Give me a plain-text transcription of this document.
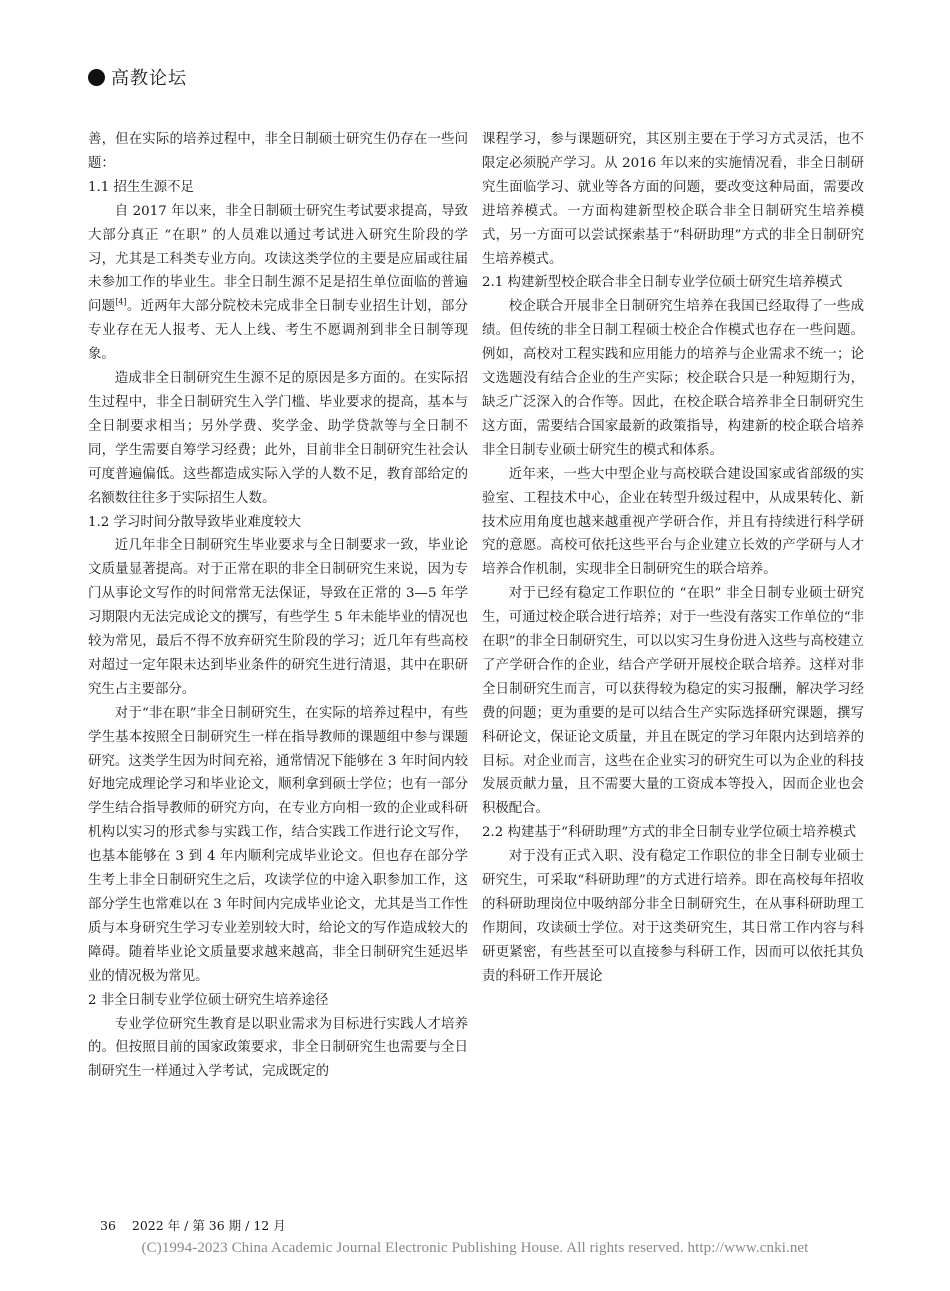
高教论坛

善，但在实际的培养过程中，非全日制硕士研究生仍存在一些问题：

1.1 招生生源不足

自 2017 年以来，非全日制硕士研究生考试要求提高，导致大部分真正 “在职” 的人员难以通过考试进入研究生阶段的学习，尤其是工科类专业方向。攻读这类学位的主要是应届或往届未参加工作的毕业生。非全日制生源不足是招生单位面临的普遍问题[4]。近两年大部分院校未完成非全日制专业招生计划，部分专业存在无人报考、无人上线、考生不愿调剂到非全日制等现象。

造成非全日制研究生生源不足的原因是多方面的。在实际招生过程中，非全日制研究生入学门槛、毕业要求的提高，基本与全日制要求相当；另外学费、奖学金、助学贷款等与全日制不同，学生需要自筹学习经费；此外，目前非全日制研究生社会认可度普遍偏低。这些都造成实际入学的人数不足，教育部给定的名额数往往多于实际招生人数。

1.2 学习时间分散导致毕业难度较大

近几年非全日制研究生毕业要求与全日制要求一致，毕业论文质量显著提高。对于正常在职的非全日制研究生来说，因为专门从事论文写作的时间常常无法保证，导致在正常的 3—5 年学习期限内无法完成论文的撰写，有些学生 5 年未能毕业的情况也较为常见，最后不得不放弃研究生阶段的学习；近几年有些高校对超过一定年限未达到毕业条件的研究生进行清退，其中在职研究生占主要部分。

对于“非在职”非全日制研究生，在实际的培养过程中，有些学生基本按照全日制研究生一样在指导教师的课题组中参与课题研究。这类学生因为时间充裕，通常情况下能够在 3 年时间内较好地完成理论学习和毕业论文，顺利拿到硕士学位；也有一部分学生结合指导教师的研究方向，在专业方向相一致的企业或科研机构以实习的形式参与实践工作，结合实践工作进行论文写作，也基本能够在 3 到 4 年内顺利完成毕业论文。但也存在部分学生考上非全日制研究生之后，攻读学位的中途入职参加工作，这部分学生也常难以在 3 年时间内完成毕业论文，尤其是当工作性质与本身研究生学习专业差别较大时，给论文的写作造成较大的障碍。随着毕业论文质量要求越来越高，非全日制研究生延迟毕业的情况极为常见。

2 非全日制专业学位硕士研究生培养途径

专业学位研究生教育是以职业需求为目标进行实践人才培养的。但按照目前的国家政策要求，非全日制研究生也需要与全日制研究生一样通过入学考试，完成既定的

课程学习，参与课题研究，其区别主要在于学习方式灵活，也不限定必须脱产学习。从 2016 年以来的实施情况看，非全日制研究生面临学习、就业等各方面的问题，要改变这种局面，需要改进培养模式。一方面构建新型校企联合非全日制研究生培养模式，另一方面可以尝试探索基于“科研助理”方式的非全日制研究生培养模式。

2.1 构建新型校企联合非全日制专业学位硕士研究生培养模式

校企联合开展非全日制研究生培养在我国已经取得了一些成绩。但传统的非全日制工程硕士校企合作模式也存在一些问题。例如，高校对工程实践和应用能力的培养与企业需求不统一；论文选题没有结合企业的生产实际；校企联合只是一种短期行为，缺乏广泛深入的合作等。因此，在校企联合培养非全日制研究生这方面，需要结合国家最新的政策指导，构建新的校企联合培养非全日制专业硕士研究生的模式和体系。

近年来，一些大中型企业与高校联合建设国家或省部级的实验室、工程技术中心，企业在转型升级过程中，从成果转化、新技术应用角度也越来越重视产学研合作，并且有持续进行科学研究的意愿。高校可依托这些平台与企业建立长效的产学研与人才培养合作机制，实现非全日制研究生的联合培养。

对于已经有稳定工作职位的 “在职” 非全日制专业硕士研究生，可通过校企联合进行培养；对于一些没有落实工作单位的“非在职”的非全日制研究生，可以以实习生身份进入这些与高校建立了产学研合作的企业，结合产学研开展校企联合培养。这样对非全日制研究生而言，可以获得较为稳定的实习报酬，解决学习经费的问题；更为重要的是可以结合生产实际选择研究课题，撰写科研论文，保证论文质量，并且在既定的学习年限内达到培养的目标。对企业而言，这些在企业实习的研究生可以为企业的科技发展贡献力量，且不需要大量的工资成本等投入，因而企业也会积极配合。

2.2 构建基于“科研助理”方式的非全日制专业学位硕士培养模式

对于没有正式入职、没有稳定工作职位的非全日制专业硕士研究生，可采取“科研助理”的方式进行培养。即在高校每年招收的科研助理岗位中吸纳部分非全日制研究生，在从事科研助理工作期间，攻读硕士学位。对于这类研究生，其日常工作内容与科研更紧密，有些甚至可以直接参与科研工作，因而可以依托其负责的科研工作开展论

36 2022 年 / 第 36 期 / 12 月
(C)1994-2023 China Academic Journal Electronic Publishing House. All rights reserved. http://www.cnki.net
